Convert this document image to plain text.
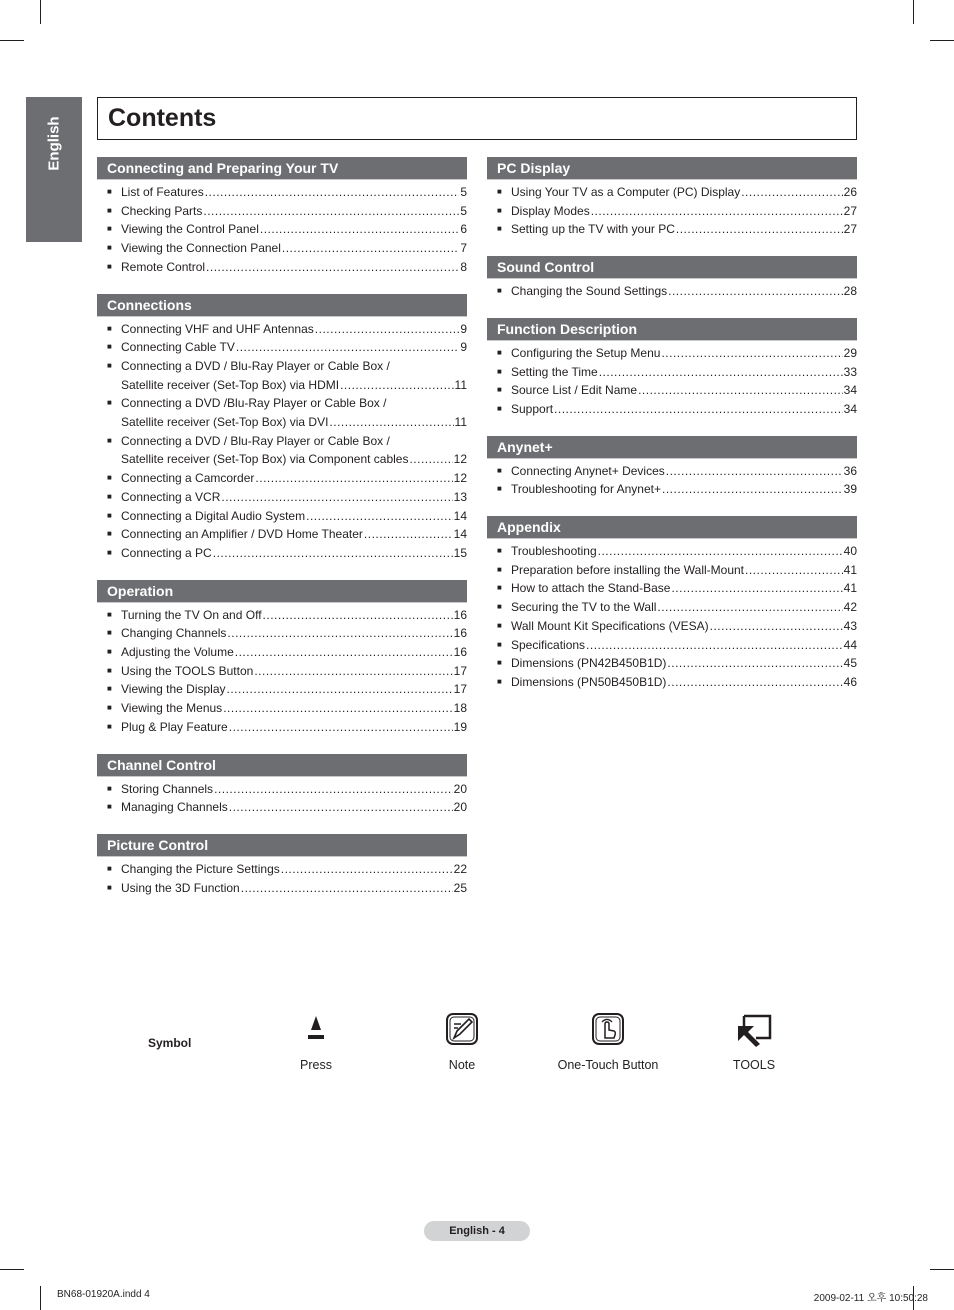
English	Contents
Connecting and Preparing Your TV
■ List of Features .....	5
■ Checking Parts .....	5
■ Viewing the Control Panel .....	6
■ Viewing the Connection Panel .....	7
■ Remote Control .....	8
Connections
■ Connecting VHF and UHF Antennas .....	9
■ Connecting Cable TV .....	9
■ Connecting a DVD / Blu-Ray Player or Cable Box /
Satellite receiver (Set-Top Box) via HDMI .....	11
■ Connecting a DVD /Blu-Ray Player or Cable Box /
Satellite receiver (Set-Top Box) via DVI .....	11
■ Connecting a DVD / Blu-Ray Player or Cable Box /
Satellite receiver (Set-Top Box) via Component cables .....	12
■ Connecting a Camcorder .....	12
■ Connecting a VCR .....	13
■ Connecting a Digital Audio System .....	14
■ Connecting an Amplifier / DVD Home Theater .....	14
■ Connecting a PC .....	15
Operation
■ Turning the TV On and Off .....	16
■ Changing Channels .....	16
■ Adjusting the Volume .....	16
■ Using the TOOLS Button .....	17
■ Viewing the Display .....	17
■ Viewing the Menus .....	18
■ Plug & Play Feature .....	19
Channel Control
■ Storing Channels .....	20
■ Managing Channels .....	20
Picture Control
■ Changing the Picture Settings .....	22
■ Using the 3D Function .....	25
PC Display
■ Using Your TV as a Computer (PC) Display .....	26
■ Display Modes .....	27
■ Setting up the TV with your PC .....	27
Sound Control
■ Changing the Sound Settings .....	28
Function Description
■ Configuring the Setup Menu .....	29
■ Setting the Time .....	33
■ Source List / Edit Name .....	34
■ Support .....	34
Anynet+
■ Connecting Anynet+ Devices .....	36
■ Troubleshooting for Anynet+ .....	39
Appendix
■ Troubleshooting .....	40
■ Preparation before installing the Wall-Mount .....	41
■ How to attach the Stand-Base .....	41
■ Securing the TV to the Wall .....	42
■ Wall Mount Kit Specifications (VESA) .....	43
■ Specifications .....	44
■ Dimensions (PN42B450B1D) .....	45
■ Dimensions (PN50B450B1D) .....	46
Symbol
Press	Note	One-Touch Button	TOOLS
English - 4
BN68-01920A.indd 4	2009-02-11 오후 10:50:28
